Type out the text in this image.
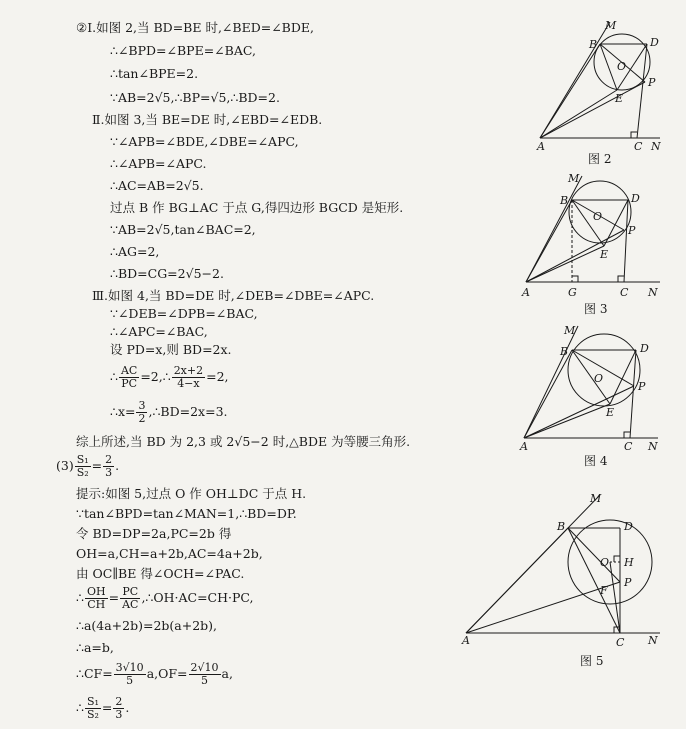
②Ⅰ.如图 2,当 BD=BE 时,∠BED=∠BDE,
∴∠BPD=∠BPE=∠BAC,
∴tan∠BPE=2.
∵AB=2√5,∴BP=√5,∴BD=2.
Ⅱ.如图 3,当 BE=DE 时,∠EBD=∠EDB.
∵∠APB=∠BDE,∠DBE=∠APC,
∴∠APB=∠APC.
∴AC=AB=2√5.
过点 B 作 BG⊥AC 于点 G,得四边形 BGCD 是矩形.
∵AB=2√5,tan∠BAC=2,
∴AG=2,
∴BD=CG=2√5−2.
Ⅲ.如图 4,当 BD=DE 时,∠DEB=∠DBE=∠APC.
∵∠DEB=∠DPB=∠BAC,
∴∠APC=∠BAC,
设 PD=x,则 BD=2x.
∴ $\frac{AC}{PC}$ =2,∴ $\frac{2x+2}{4-x} =2$,
∴x= $\frac{3}{2}$ ,∴BD=2x=3.
综上所述,当 BD 为 2,3 或 2√5−2 时,△BDE 为等腰三角形.
$(3) \frac{\text{S₁}}{\text{S₂}} = \frac{2}{3}$ .
提示:如图 5,过点 O 作 OH⊥DC 于点 H.
∵tan∠BPD=tan∠MAN=1,∴BD=DP.
令 BD=DP=2a,PC=2b 得
OH=a,CH=a+2b,AC=4a+2b,
由 OC∥BE 得∠OCH=∠PAC.
∴ $\frac{OH}{CH} = \frac{PC}{AC}$ ,∴OH·AC=CH·PC,
∴a(4a+2b)=2b(a+2b),
∴a=b,
∴CF= $\frac{3√10}{5} a,OF= \frac{2√10}{5} a$,
∴ $\frac{\text{S₁}}{\text{S₂}} = \frac{2}{3}$ .
M
B	D
O
P
E
A	C N
图 2
M
B	D
O
P
E
A	G	C N
图 3
M
B	D
O
P
E
A	C N
图 4
M
B	D
O H
P
F
A	C N
图 5
